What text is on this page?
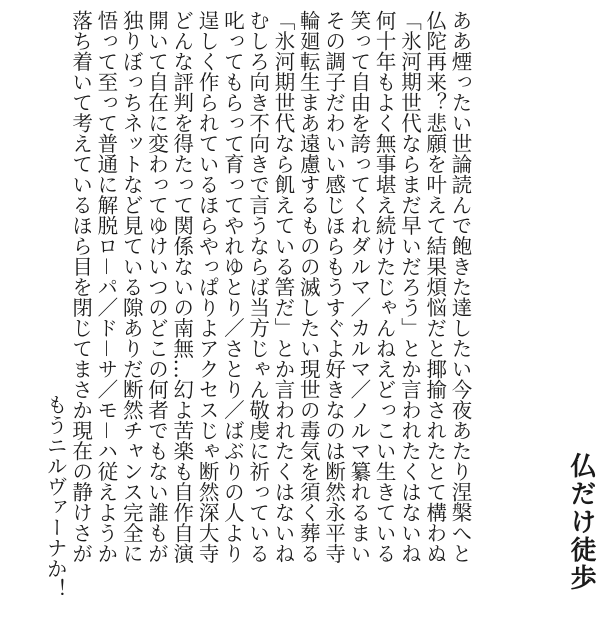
仏だけ徒歩
ああ煙ったい世論読んで飽きた達したい今夜あたり涅槃へと
仏陀再来？悲願を叶えて結果煩悩だと揶揄されたとて構わぬ
「氷河期世代ならまだ早いだろう」とか言われたくはないね
何十年もよく無事堪え続けたじゃんねえどっこい生きている
笑って自由を誇ってくれダルマ／カルマ／ノルマ纂れるまい
その調子だわいい感じほらもうすぐよ好きなのは断然永平寺
輪廻転生まあ遠慮するものの滅したい現世の毒気を須く葬る
「氷河期世代なら飢えている筈だ」とか言われたくはないね
むしろ向き不向きで言うならば当方じゃん敬虔に祈っている
叱ってもらって育ってやれゆとり／さとり／ばぶりの人より
逞しく作られているほらやっぱりよアクセスじゃ断然深大寺
どんな評判を得たって関係ないの南無…幻よ苦楽も自作自演
開いて自在に変わってゆけいつのどこの何者でもない誰もが
独りぼっちネットなど見ている隙ありだ断然チャンス完全に
悟って至って普通に解脱ロ－パ／ド－サ／モ－ハ従えようか
落ち着いて考えているほら目を閉じてまさか現在の静けさが
もうニルヴァーナか！
